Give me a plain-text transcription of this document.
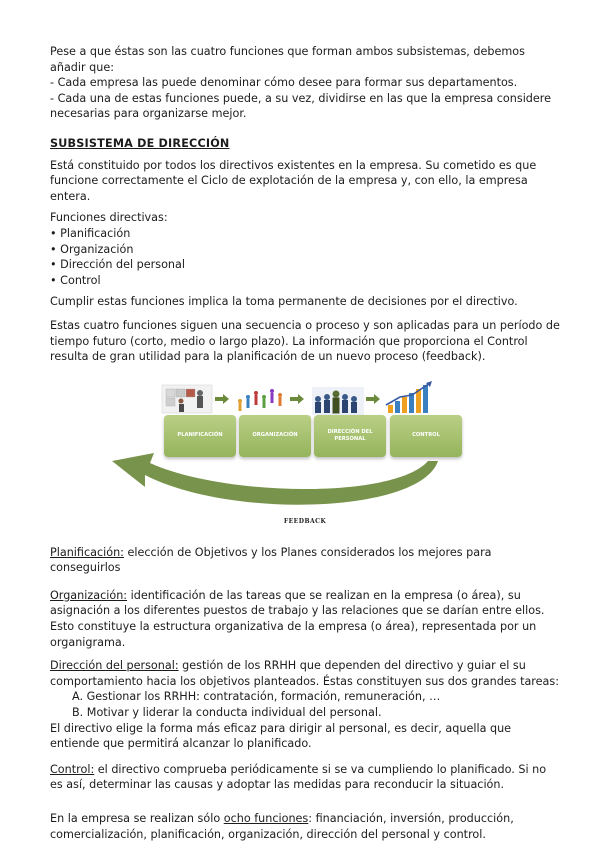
Pese a que éstas son las cuatro funciones que forman ambos subsistemas, debemos añadir que:

- Cada empresa las puede denominar cómo desee para formar sus departamentos.

- Cada una de estas funciones puede, a su vez, dividirse en las que la empresa considere necesarias para organizarse mejor.

SUBSISTEMA DE DIRECCIÓN

Está constituido por todos los directivos existentes en la empresa. Su cometido es que funcione correctamente el Ciclo de explotación de la empresa y, con ello, la empresa entera.

Funciones directivas:

• Planificación
• Organización
• Dirección del personal
• Control

Cumplir estas funciones implica la toma permanente de decisiones por el directivo.

Estas cuatro funciones siguen una secuencia o proceso y son aplicadas para un período de tiempo futuro (corto, medio o largo plazo). La información que proporciona el Control resulta de gran utilidad para la planificación de un nuevo proceso (feedback).

PLANIFICACIÓN	ORGANIZACIÓN
DIRECCIÓN DEL PERSONAL
CONTROL
FEEDBACK

Planificación: elección de Objetivos y los Planes considerados los mejores para conseguirlos

Organización: identificación de las tareas que se realizan en la empresa (o área), su asignación a los diferentes puestos de trabajo y las relaciones que se darían entre ellos. Esto constituye la estructura organizativa de la empresa (o área), representada por un organigrama.

Dirección del personal: gestión de los RRHH que dependen del directivo y guiar el su comportamiento hacia los objetivos planteados. Éstas constituyen sus dos grandes tareas:

A. Gestionar los RRHH: contratación, formación, remuneración, …
B. Motivar y liderar la conducta individual del personal.

El directivo elige la forma más eficaz para dirigir al personal, es decir, aquella que entiende que permitirá alcanzar lo planificado.

Control: el directivo comprueba periódicamente si se va cumpliendo lo planificado. Si no es así, determinar las causas y adoptar las medidas para reconducir la situación.

En la empresa se realizan sólo ocho funciones: financiación, inversión, producción, comercialización, planificación, organización, dirección del personal y control.
